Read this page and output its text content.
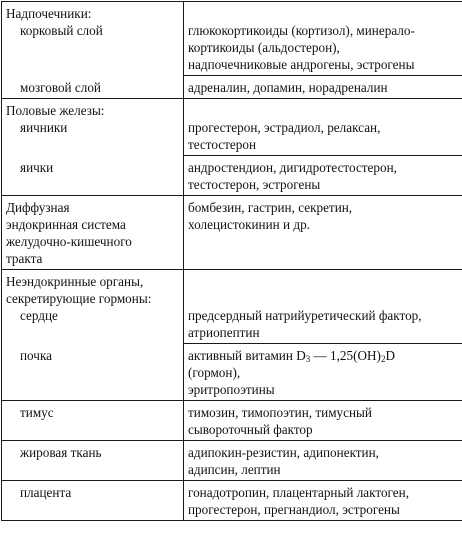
Надпочечники:
корковый слой	глюкокортикоиды (кортизол), минерало-
кортикоиды (альдостерон),
надпочечниковые андрогены, эстрогены

мозговой слой	адреналин, допамин, норадреналин

Половые железы:
яичники	прогестерон, эстрадиол, релаксан,
тестостерон

яички	андростендион, дигидротестостерон,
тестостерон, эстрогены

Диффузная
эндокринная система
желудочно-кишечного
тракта	бомбезин, гастрин, секретин,
холецистокинин и др.

Неэндокринные органы,
секретирующие гормоны:
сердце	предсердный натрийуретический фактор,
атриопептин

почка	активный витамин $D_3$ — $1,25(OH)_2D$
(гормон),
эритропоэтины

тимус	тимозин, тимопоэтин, тимусный
сывороточный фактор

жировая ткань	адипокин-резистин, адипонектин,
адипсин, лептин

плацента	гонадотропин, плацентарный лактоген,
прогестерон, прегнандиол, эстрогены
